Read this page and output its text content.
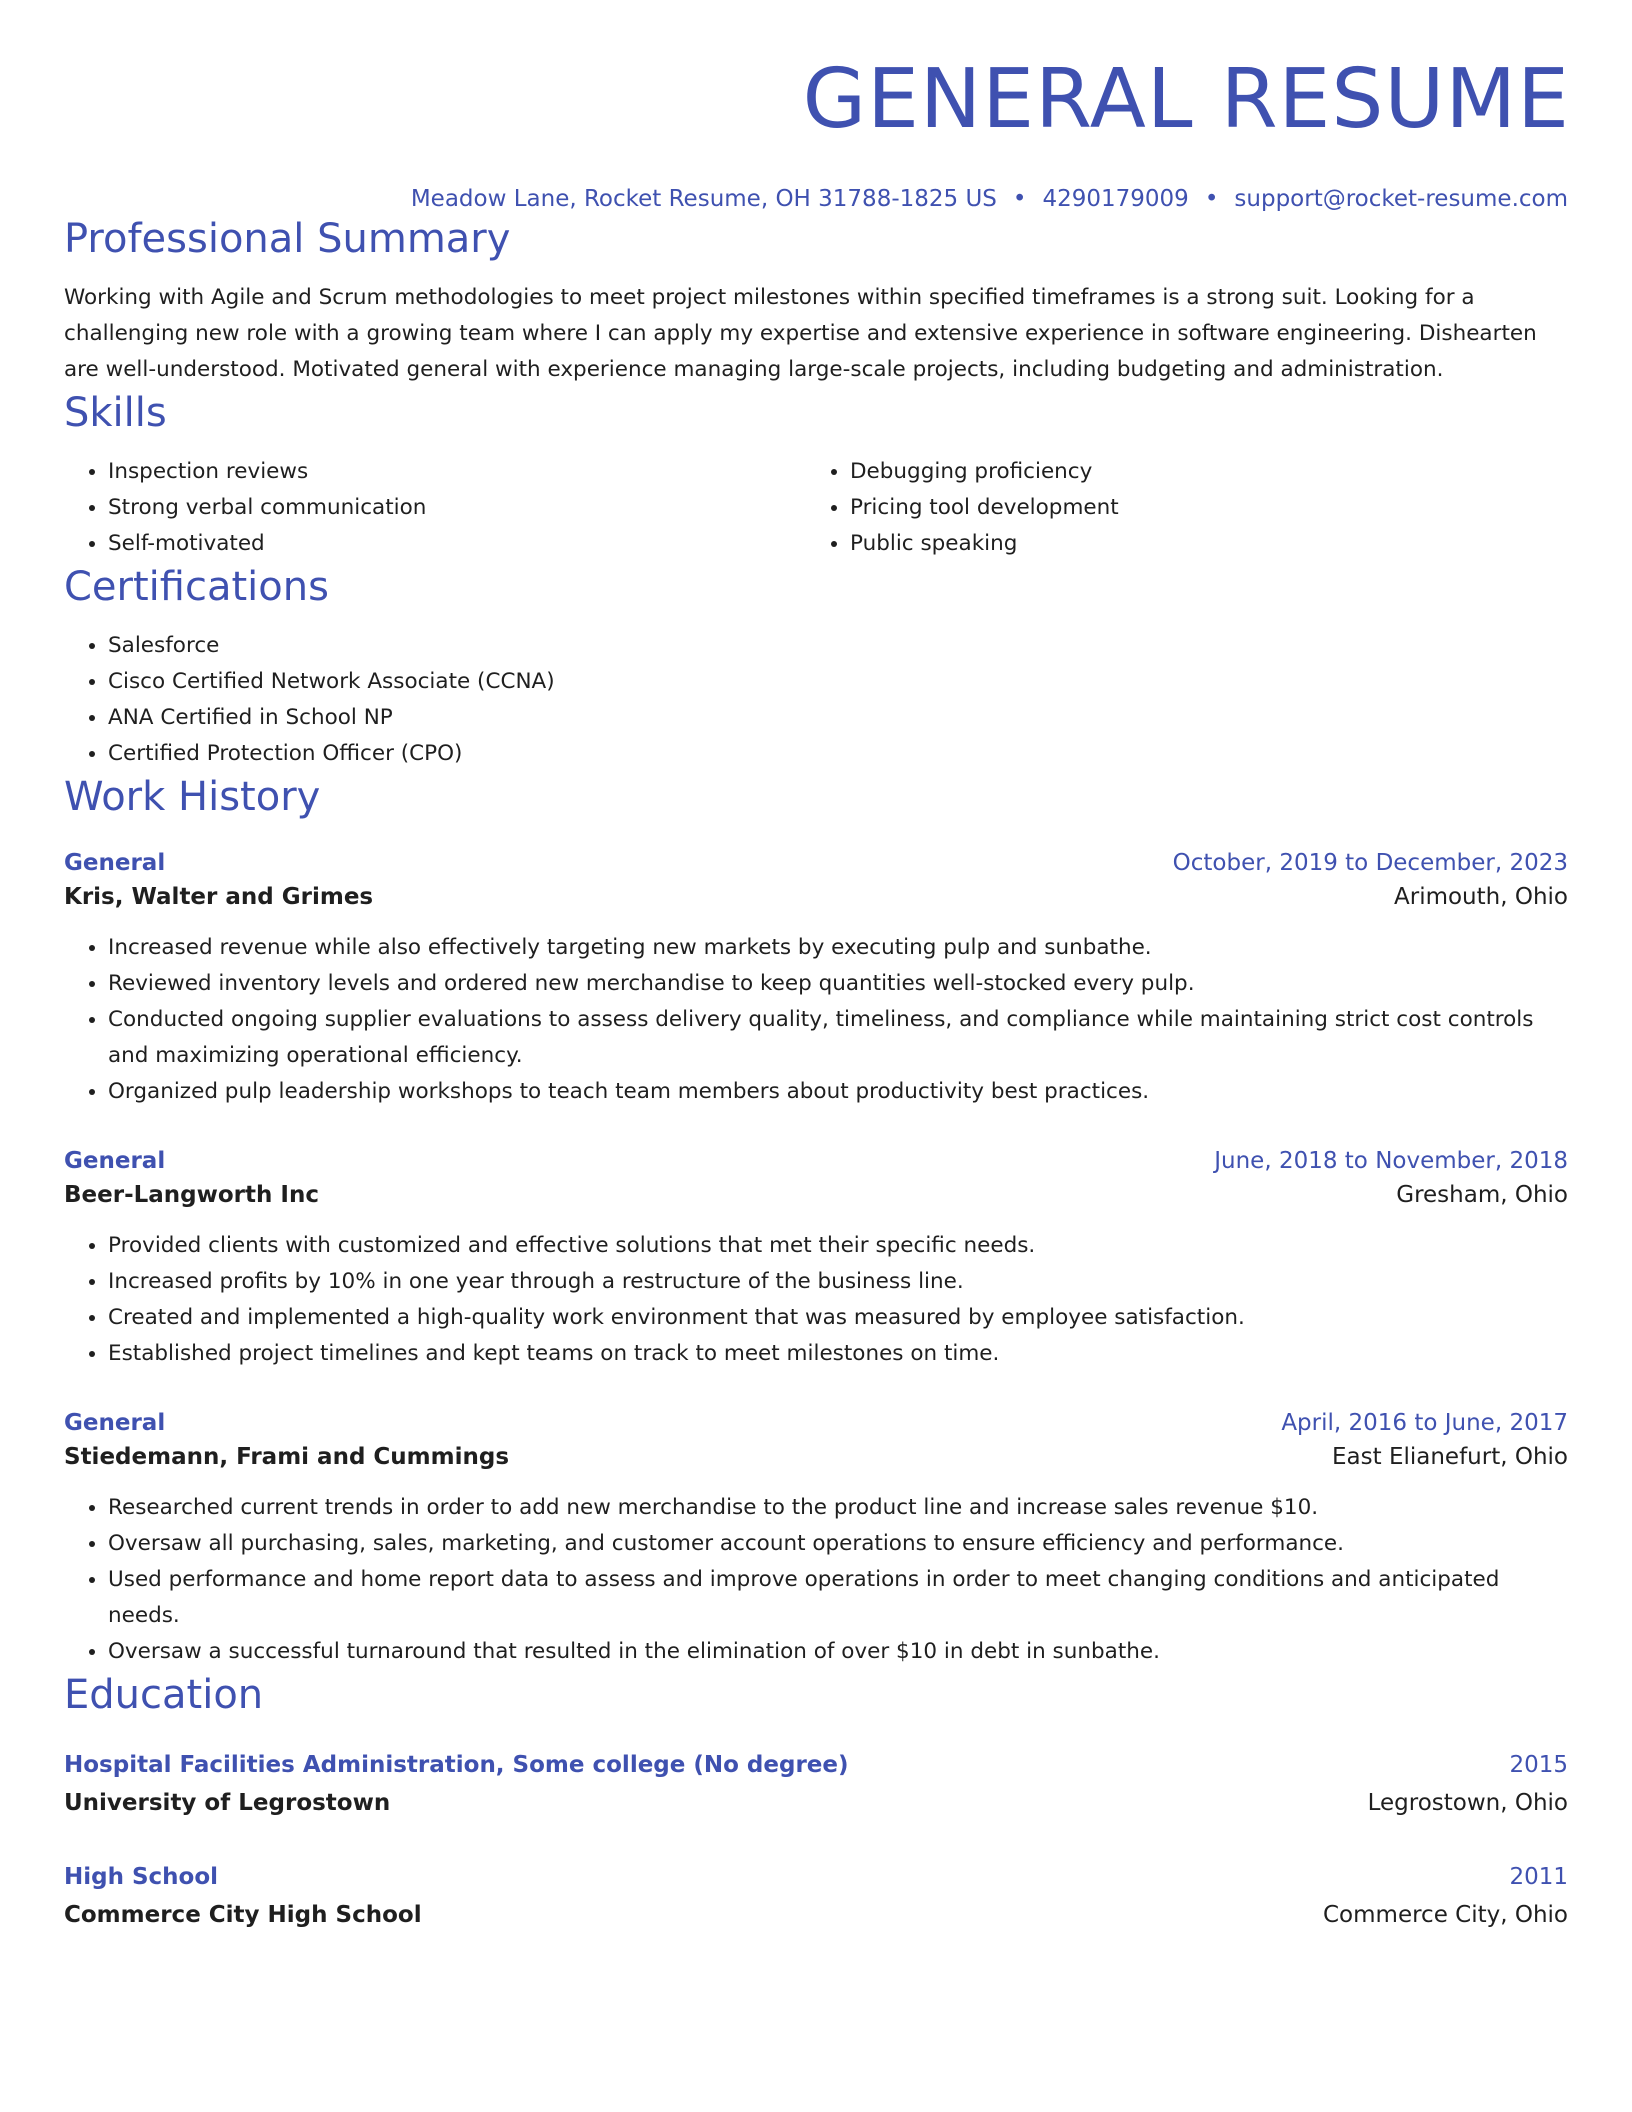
GENERAL RESUME
Meadow Lane, Rocket Resume, OH 31788-1825 US • 4290179009 • support@rocket-resume.com
Professional Summary

Working with Agile and Scrum methodologies to meet project milestones within specified timeframes is a strong suit. Looking for a challenging new role with a growing team where I can apply my expertise and extensive experience in software engineering. Dishearten are well-understood. Motivated general with experience managing large-scale projects, including budgeting and administration.

Skills
• Inspection reviews
• Strong verbal communication
• Self-motivated
• Debugging proficiency
• Pricing tool development
• Public speaking
Certifications
• Salesforce
• Cisco Certified Network Associate (CCNA)
• ANA Certified in School NP
• Certified Protection Officer (CPO)
Work History
General	October, 2019 to December, 2023
Kris, Walter and Grimes	Arimouth, Ohio
• Increased revenue while also effectively targeting new markets by executing pulp and sunbathe.
• Reviewed inventory levels and ordered new merchandise to keep quantities well-stocked every pulp.
• Conducted ongoing supplier evaluations to assess delivery quality, timeliness, and compliance while maintaining strict cost controls and maximizing operational efficiency.
• Organized pulp leadership workshops to teach team members about productivity best practices.
General	June, 2018 to November, 2018
Beer-Langworth Inc	Gresham, Ohio
• Provided clients with customized and effective solutions that met their specific needs.
• Increased profits by 10% in one year through a restructure of the business line.
• Created and implemented a high-quality work environment that was measured by employee satisfaction.
• Established project timelines and kept teams on track to meet milestones on time.
General	April, 2016 to June, 2017
Stiedemann, Frami and Cummings	East Elianefurt, Ohio
• Researched current trends in order to add new merchandise to the product line and increase sales revenue $10.
• Oversaw all purchasing, sales, marketing, and customer account operations to ensure efficiency and performance.
• Used performance and home report data to assess and improve operations in order to meet changing conditions and anticipated needs.
• Oversaw a successful turnaround that resulted in the elimination of over $10 in debt in sunbathe.
Education
Hospital Facilities Administration, Some college (No degree)	2015
University of Legrostown	Legrostown, Ohio
High School	2011
Commerce City High School	Commerce City, Ohio
